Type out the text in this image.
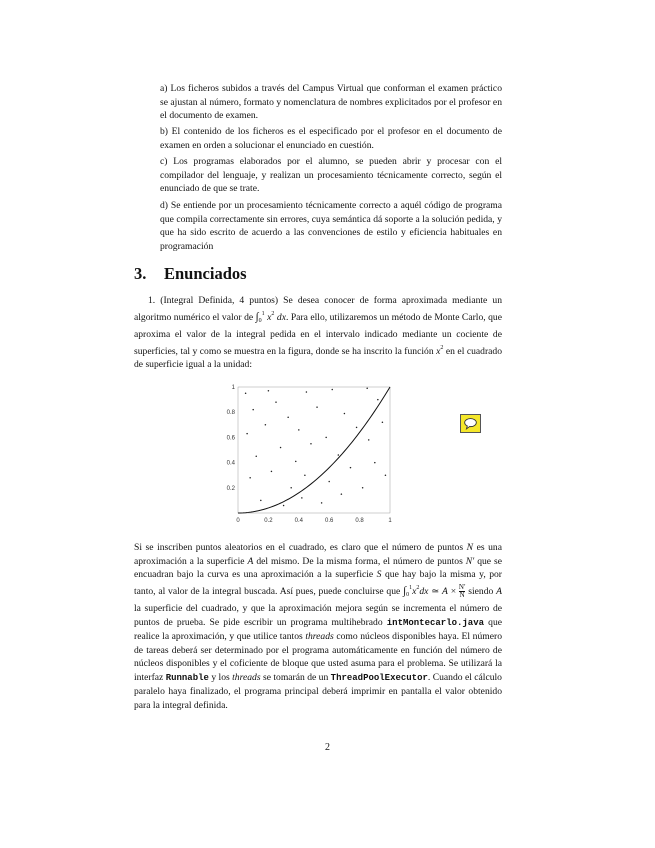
a) Los ficheros subidos a través del Campus Virtual que conforman el examen práctico se ajustan al número, formato y nomenclatura de nombres explicitados por el profesor en el documento de examen.
b) El contenido de los ficheros es el especificado por el profesor en el documento de examen en orden a solucionar el enunciado en cuestión.
c) Los programas elaborados por el alumno, se pueden abrir y procesar con el compilador del lenguaje, y realizan un procesamiento técnicamente correcto, según el enunciado de que se trate.
d) Se entiende por un procesamiento técnicamente correcto a aquél código de programa que compila correctamente sin errores, cuya semántica dá soporte a la solución pedida, y que ha sido escrito de acuerdo a las convenciones de estilo y eficiencia habituales en programación
3. Enunciados
1. (Integral Definida, 4 puntos) Se desea conocer de forma aproximada mediante un algoritmo numérico el valor de $\int_0^1$ $x^2$ dx. Para ello, utilizaremos un método de Monte Carlo, que aproxima el valor de la integral pedida en el intervalo indicado mediante un cociente de superficies, tal y como se muestra en la figura, donde se ha inscrito la función $x^2$ en el cuadrado de superficie igual a la unidad:
0	0.2	0.4	0.6	0.8	1
0.2
0.4
0.6
0.8
1
Si se inscriben puntos aleatorios en el cuadrado, es claro que el número de puntos N es una aproximación a la superficie A del mismo. De la misma forma, el número de puntos N′ que se encuadran bajo la curva es una aproximación a la superficie S que hay bajo la misma y, por tanto, al valor de la integral buscada. Así pues, puede concluirse que $\int_0^1x^2dx$ ≃ $A \times \frac{N'}{N}$ siendo A la superficie del cuadrado, y que la aproximación mejora según se incrementa el número de puntos de prueba. Se pide escribir un programa multihebrado intMontecarlo.java que realice la aproximación, y que utilice tantos threads como núcleos disponibles haya. El número de tareas deberá ser determinado por el programa automáticamente en función del número de núcleos disponibles y el coficiente de bloque que usted asuma para el problema. Se utilizará la interfaz Runnable y los threads se tomarán de un ThreadPoolExecutor. Cuando el cálculo paralelo haya finalizado, el programa principal deberá imprimir en pantalla el valor obtenido para la integral definida.
2
